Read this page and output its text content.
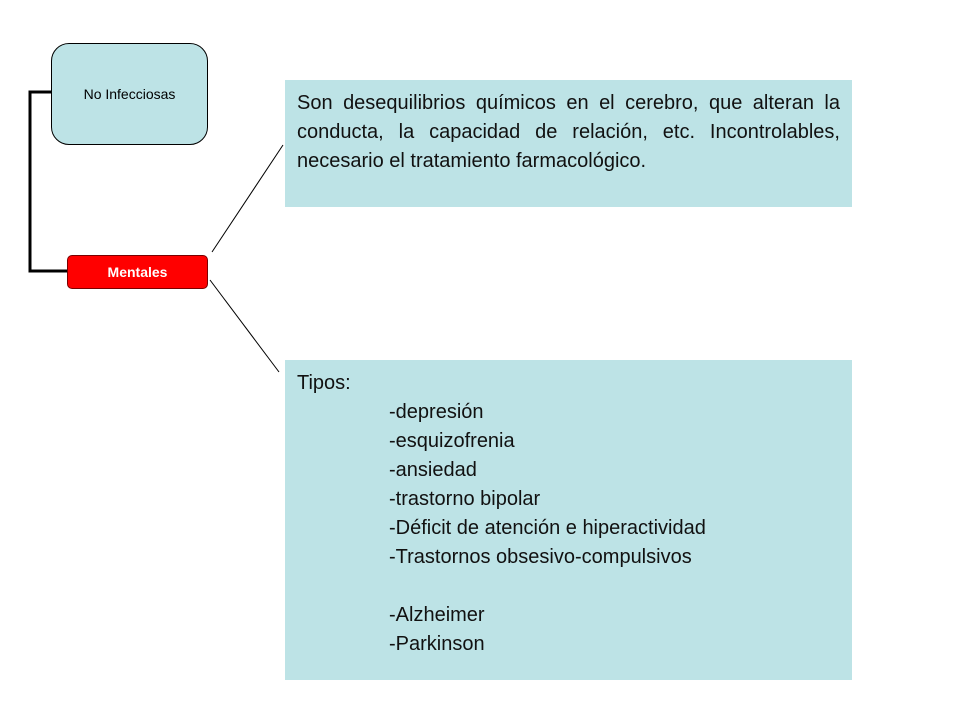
No Infecciosas
Mentales
Son desequilibrios químicos en el cerebro, que alteran la conducta, la capacidad de relación, etc. Incontrolables, necesario el tratamiento farmacológico.
Tipos:
-depresión
-esquizofrenia
-ansiedad
-trastorno bipolar
-Déficit de atención e hiperactividad
-Trastornos obsesivo-compulsivos
-Alzheimer
-Parkinson
